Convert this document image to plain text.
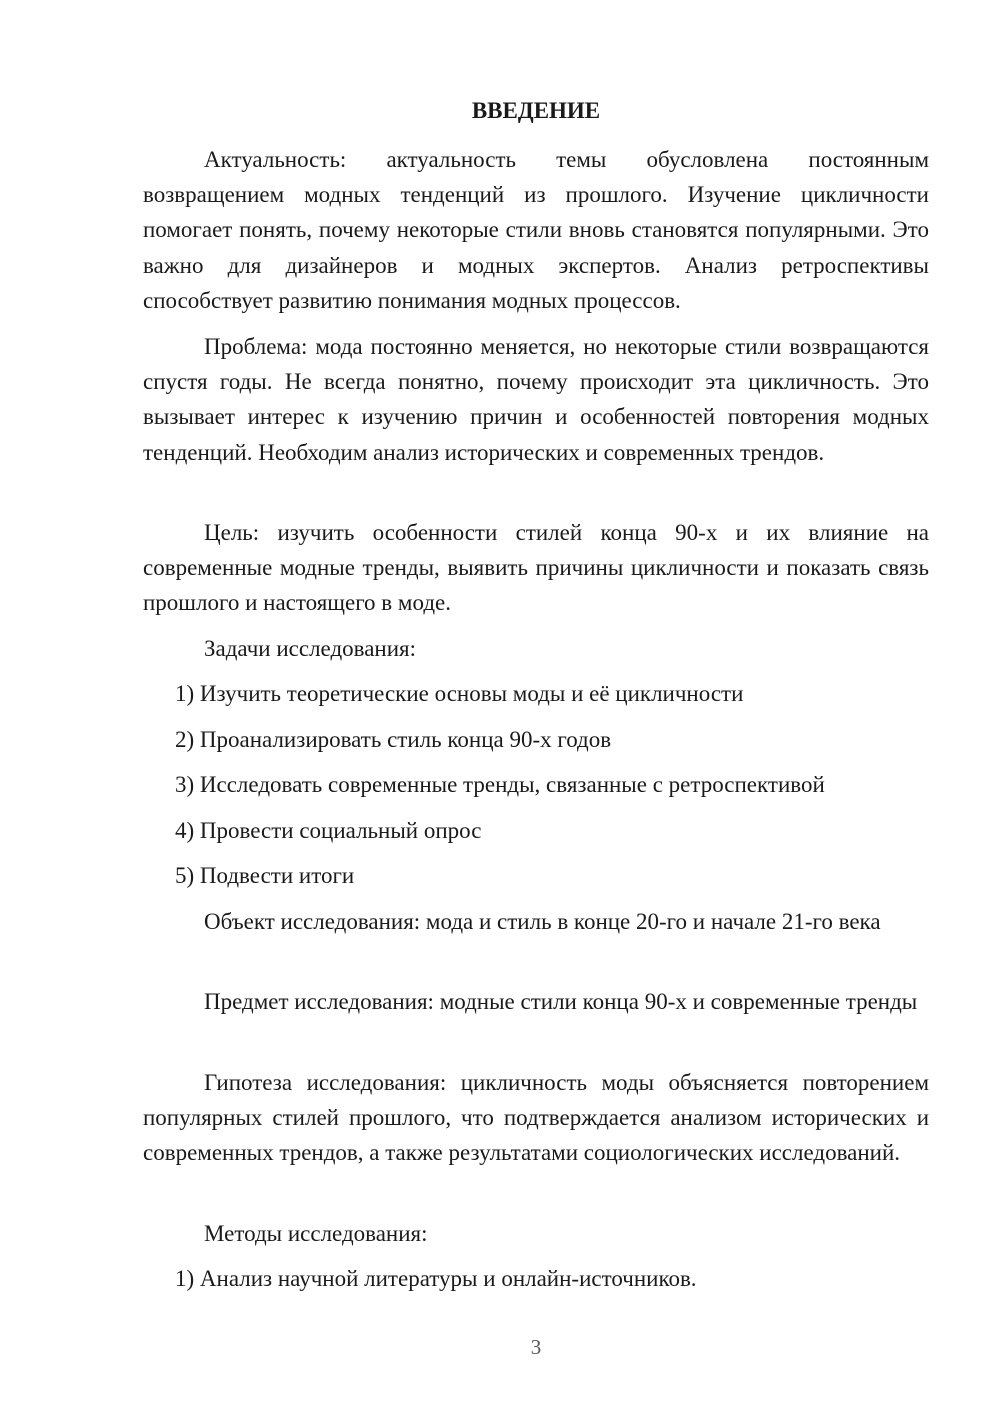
ВВЕДЕНИЕ

Актуальность: актуальность темы обусловлена постоянным возвращением модных тенденций из прошлого. Изучение цикличности помогает понять, почему некоторые стили вновь становятся популярными. Это важно для дизайнеров и модных экспертов. Анализ ретроспективы способствует развитию понимания модных процессов.

Проблема: мода постоянно меняется, но некоторые стили возвращаются спустя годы. Не всегда понятно, почему происходит эта цикличность. Это вызывает интерес к изучению причин и особенностей повторения модных тенденций. Необходим анализ исторических и современных трендов.

Цель: изучить особенности стилей конца 90-х и их влияние на современные модные тренды, выявить причины цикличности и показать связь прошлого и настоящего в моде.

Задачи исследования:

1) Изучить теоретические основы моды и её цикличности

2) Проанализировать стиль конца 90-х годов

3) Исследовать современные тренды, связанные с ретроспективой

4) Провести социальный опрос

5) Подвести итоги

Объект исследования: мода и стиль в конце 20-го и начале 21-го века

Предмет исследования: модные стили конца 90-х и современные тренды

Гипотеза исследования: цикличность моды объясняется повторением популярных стилей прошлого, что подтверждается анализом исторических и современных трендов, а также результатами социологических исследований.

Методы исследования:

1) Анализ научной литературы и онлайн-источников.

3
